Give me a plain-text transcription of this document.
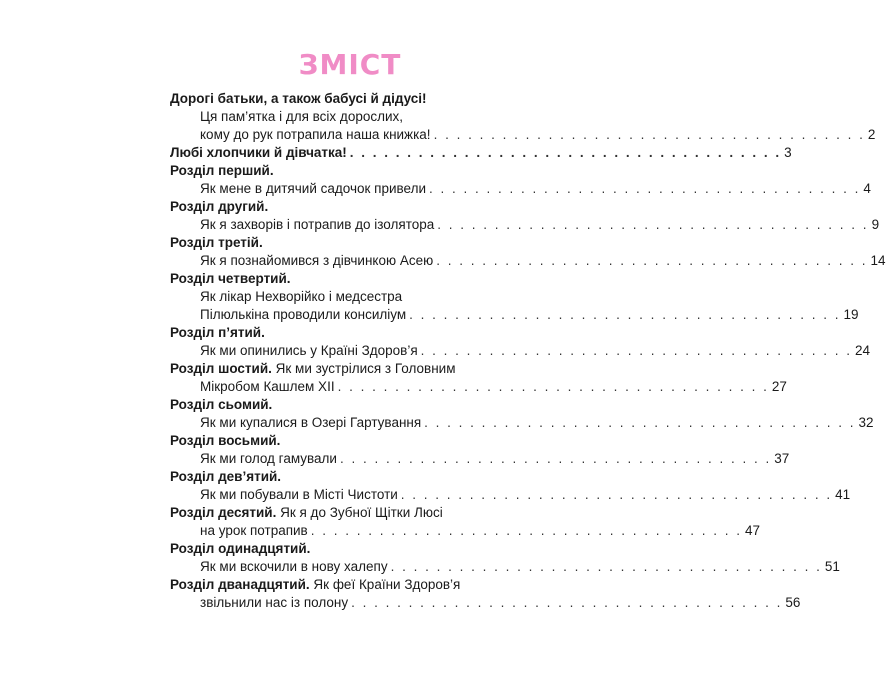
ЗМІСТ
Дорогі батьки, а також бабусі й дідусі!
Ця пам’ятка і для всіх дорослих,
кому до рук потрапила наша книжка! . . . . . . . . . . . . . . . . . . . . . . . . . . . . . . . . . . . . . . 2
Любі хлопчики й дівчатка! . . . . . . . . . . . . . . . . . . . . . . . . . . . . . . . . . . . . . . 3
Розділ перший.
Як мене в дитячий садочок привели . . . . . . . . . . . . . . . . . . . . . . . . . . . . . . . . . . . . . . 4
Розділ другий.
Як я захворів і потрапив до ізолятора . . . . . . . . . . . . . . . . . . . . . . . . . . . . . . . . . . . . . . 9
Розділ третій.
Як я познайомився з дівчинкою Асею . . . . . . . . . . . . . . . . . . . . . . . . . . . . . . . . . . . . . . 14
Розділ четвертий.
Як лікар Нехворійко і медсестра
Пілюлькіна проводили консиліум . . . . . . . . . . . . . . . . . . . . . . . . . . . . . . . . . . . . . . 19
Розділ п’ятий.
Як ми опинились у Країні Здоров’я . . . . . . . . . . . . . . . . . . . . . . . . . . . . . . . . . . . . . . 24
Розділ шостий. Як ми зустрілися з Головним
Мікробом Кашлем XII . . . . . . . . . . . . . . . . . . . . . . . . . . . . . . . . . . . . . . 27
Розділ сьомий.
Як ми купалися в Озері Гартування . . . . . . . . . . . . . . . . . . . . . . . . . . . . . . . . . . . . . . 32
Розділ восьмий.
Як ми голод гамували . . . . . . . . . . . . . . . . . . . . . . . . . . . . . . . . . . . . . . 37
Розділ дев’ятий.
Як ми побували в Місті Чистоти . . . . . . . . . . . . . . . . . . . . . . . . . . . . . . . . . . . . . . 41
Розділ десятий. Як я до Зубної Щітки Люсі
на урок потрапив . . . . . . . . . . . . . . . . . . . . . . . . . . . . . . . . . . . . . . 47
Розділ одинадцятий.
Як ми вскочили в нову халепу . . . . . . . . . . . . . . . . . . . . . . . . . . . . . . . . . . . . . . 51
Розділ дванадцятий. Як феї Країни Здоров’я
звільнили нас із полону . . . . . . . . . . . . . . . . . . . . . . . . . . . . . . . . . . . . . . 56
